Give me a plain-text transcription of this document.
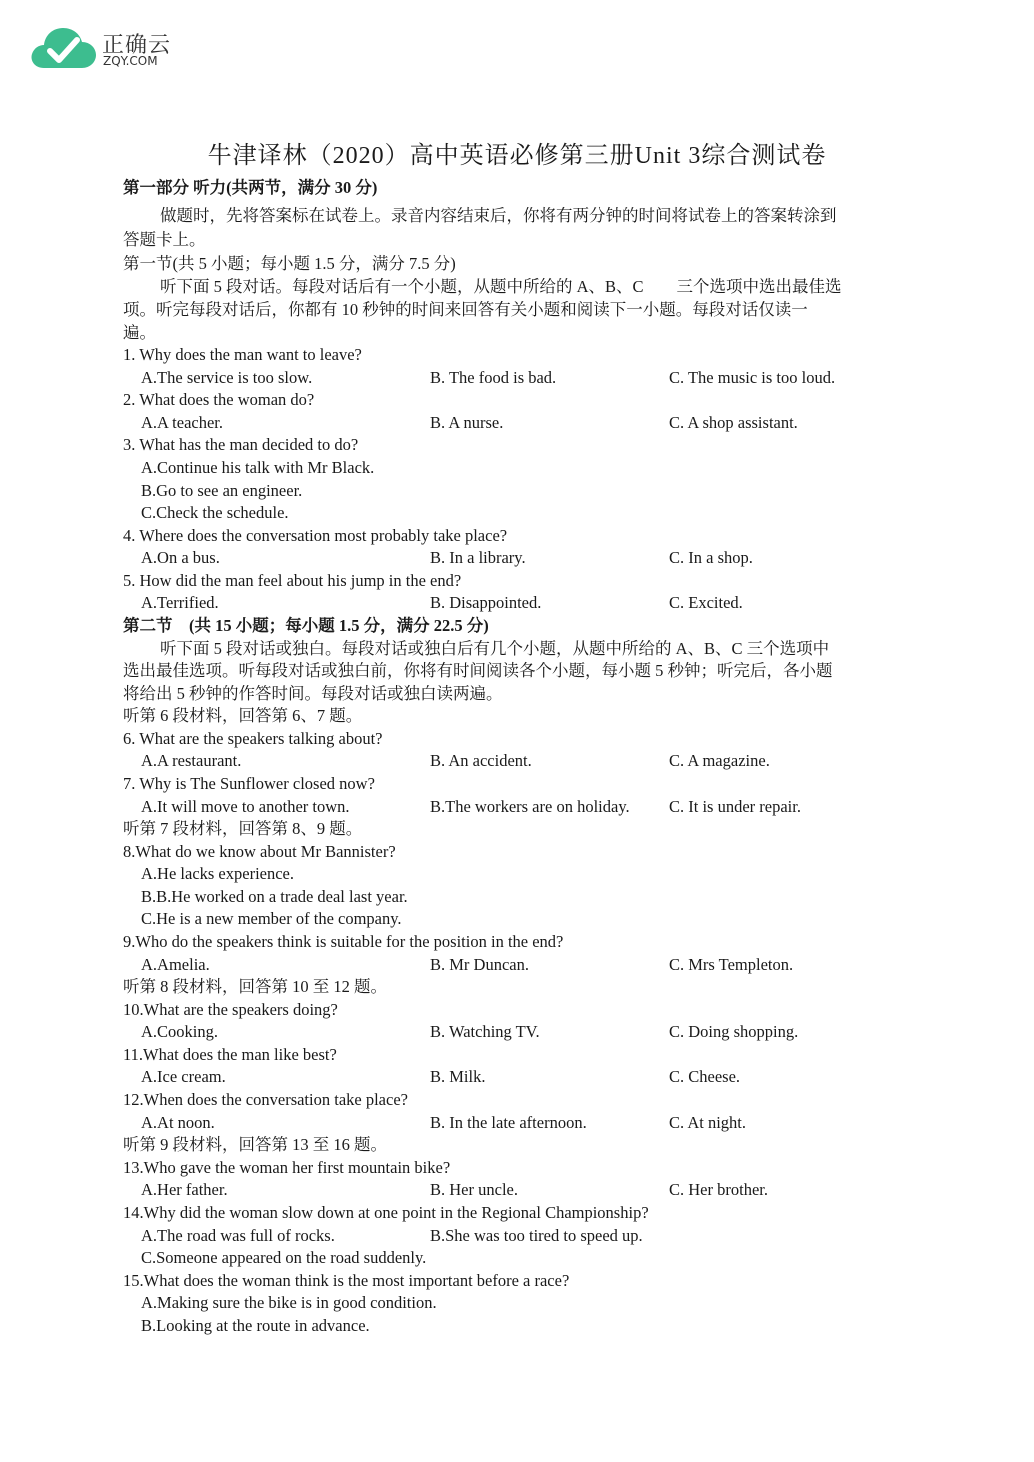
正确云
ZQY.COM
牛津译林（2020）高中英语必修第三册Unit 3综合测试卷
第一部分 听力(共两节，满分 30 分)
做题时，先将答案标在试卷上。录音内容结束后，你将有两分钟的时间将试卷上的答案转涂到
答题卡上。
第一节(共 5 小题；每小题 1.5 分，满分 7.5 分)
听下面 5 段对话。每段对话后有一个小题，从题中所给的 A、B、C　　三个选项中选出最佳选
项。听完每段对话后，你都有 10 秒钟的时间来回答有关小题和阅读下一小题。每段对话仅读一
遍。
1. Why does the man want to leave?
A.The service is too slow.	B. The food is bad.	C. The music is too loud.
2. What does the woman do?
A.A teacher.	B. A nurse.	C. A shop assistant.
3. What has the man decided to do?
A.Continue his talk with Mr Black.
B.Go to see an engineer.
C.Check the schedule.
4. Where does the conversation most probably take place?
A.On a bus.	B. In a library.	C. In a shop.
5. How did the man feel about his jump in the end?
A.Terrified.	B. Disappointed.	C. Excited.
第二节　(共 15 小题；每小题 1.5 分，满分 22.5 分)
听下面 5 段对话或独白。每段对话或独白后有几个小题，从题中所给的 A、B、C 三个选项中
选出最佳选项。听每段对话或独白前，你将有时间阅读各个小题，每小题 5 秒钟；听完后，各小题
将给出 5 秒钟的作答时间。每段对话或独白读两遍。
听第 6 段材料，回答第 6、7 题。
6. What are the speakers talking about?
A.A restaurant.	B. An accident.	C. A magazine.
7. Why is The Sunflower closed now?
A.It will move to another town.	B.The workers are on holiday. C. It is under repair.
听第 7 段材料，回答第 8、9 题。
8.What do we know about Mr Bannister?
A.He lacks experience.
B.B.He worked on a trade deal last year.
C.He is a new member of the company.
9.Who do the speakers think is suitable for the position in the end?
A.Amelia.	B. Mr Duncan.	C. Mrs Templeton.
听第 8 段材料，回答第 10 至 12 题。
10.What are the speakers doing?
A.Cooking.	B. Watching TV.	C. Doing shopping.
11.What does the man like best?
A.Ice cream.	B. Milk.	C. Cheese.
12.When does the conversation take place?
A.At noon.	B. In the late afternoon.	C. At night.
听第 9 段材料，回答第 13 至 16 题。
13.Who gave the woman her first mountain bike?
A.Her father.	B. Her uncle.	C. Her brother.
14.Why did the woman slow down at one point in the Regional Championship?
A.The road was full of rocks.	B.She was too tired to speed up.
C.Someone appeared on the road suddenly.
15.What does the woman think is the most important before a race?
A.Making sure the bike is in good condition.
B.Looking at the route in advance.
